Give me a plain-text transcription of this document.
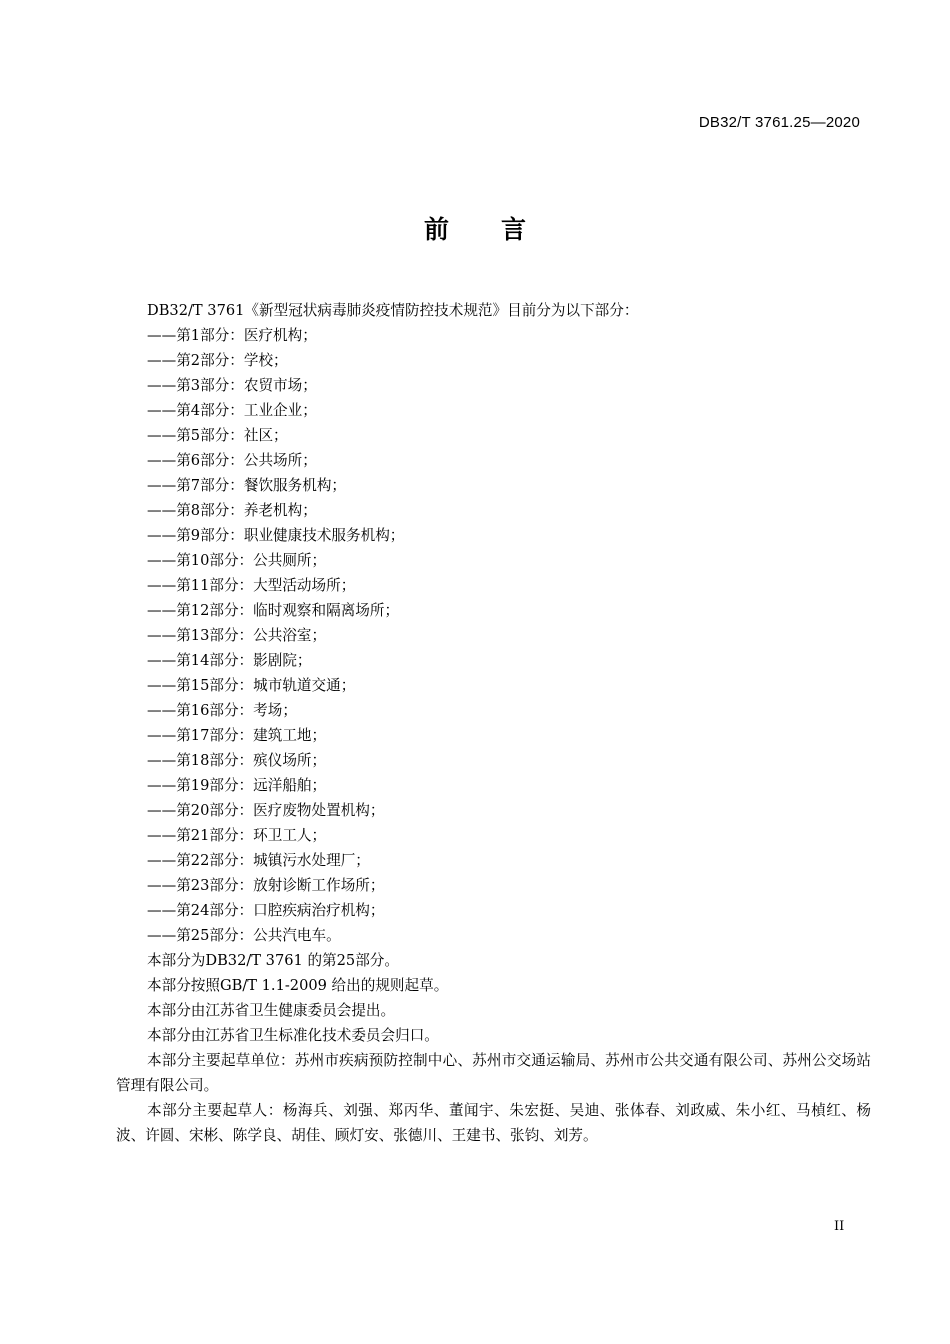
DB32/T 3761.25—2020
前 言

DB32/T 3761《新型冠状病毒肺炎疫情防控技术规范》目前分为以下部分：

——第1部分：医疗机构；

——第2部分：学校；

——第3部分：农贸市场；

——第4部分：工业企业；

——第5部分：社区；

——第6部分：公共场所；

——第7部分：餐饮服务机构；

——第8部分：养老机构；

——第9部分：职业健康技术服务机构；

——第10部分：公共厕所；

——第11部分：大型活动场所；

——第12部分：临时观察和隔离场所；

——第13部分：公共浴室；

——第14部分：影剧院；

——第15部分：城市轨道交通；

——第16部分：考场；

——第17部分：建筑工地；

——第18部分：殡仪场所；

——第19部分：远洋船舶；

——第20部分：医疗废物处置机构；

——第21部分：环卫工人；

——第22部分：城镇污水处理厂；

——第23部分：放射诊断工作场所；

——第24部分：口腔疾病治疗机构；

——第25部分：公共汽电车。

本部分为DB32/T 3761 的第25部分。

本部分按照GB/T 1.1-2009 给出的规则起草。

本部分由江苏省卫生健康委员会提出。

本部分由江苏省卫生标准化技术委员会归口。

本部分主要起草单位：苏州市疾病预防控制中心、苏州市交通运输局、苏州市公共交通有限公司、苏州公交场站管理有限公司。

本部分主要起草人：杨海兵、刘强、郑丙华、董闻宇、朱宏挺、吴迪、张体春、刘政威、朱小红、马楨红、杨波、许圆、宋彬、陈学良、胡佳、顾灯安、张德川、王建书、张钧、刘芳。

II
